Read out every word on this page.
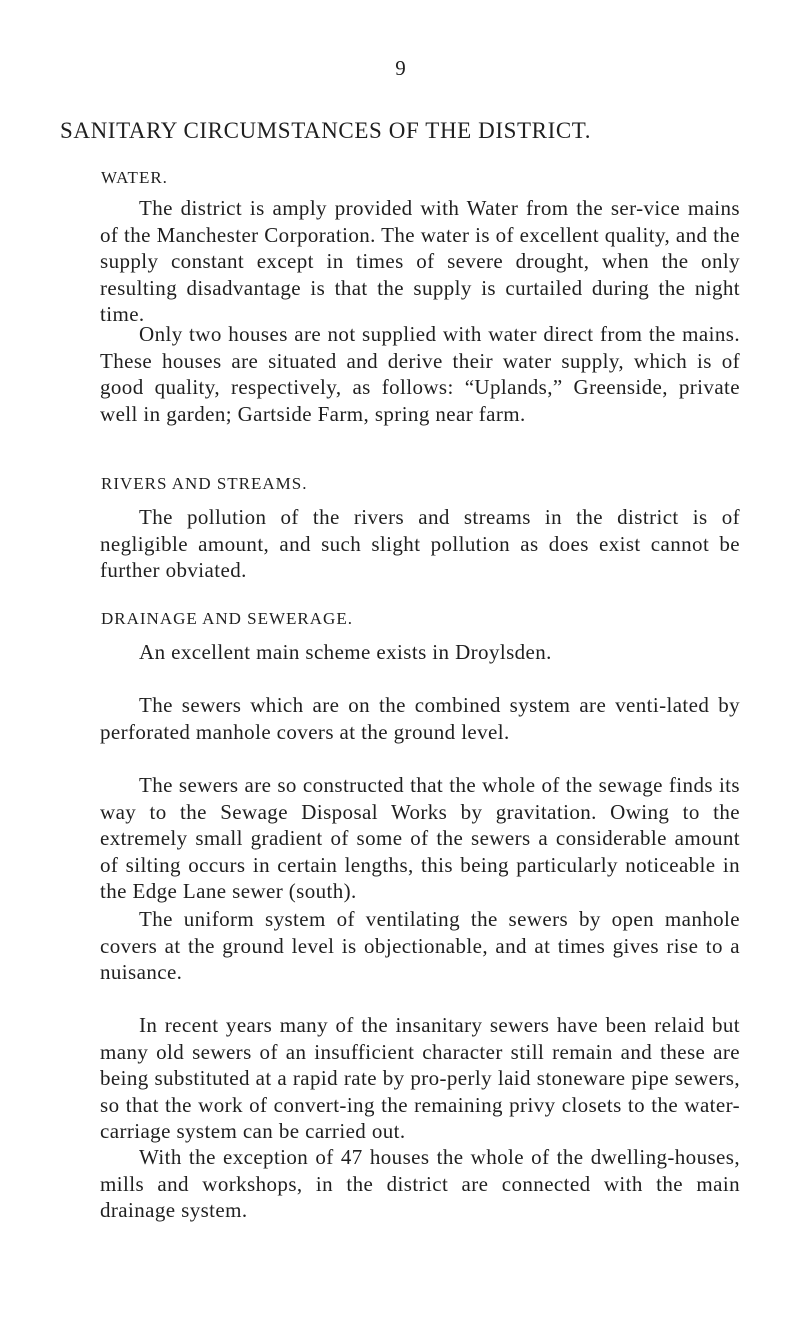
9
SANITARY CIRCUMSTANCES OF THE DISTRICT.
WATER.
The district is amply provided with Water from the ser-vice mains of the Manchester Corporation. The water is of excellent quality, and the supply constant except in times of severe drought, when the only resulting disadvantage is that the supply is curtailed during the night time.
Only two houses are not supplied with water direct from the mains. These houses are situated and derive their water supply, which is of good quality, respectively, as follows: “Uplands,” Greenside, private well in garden; Gartside Farm, spring near farm.
RIVERS AND STREAMS.
The pollution of the rivers and streams in the district is of negligible amount, and such slight pollution as does exist cannot be further obviated.
DRAINAGE AND SEWERAGE.
An excellent main scheme exists in Droylsden.
The sewers which are on the combined system are venti-lated by perforated manhole covers at the ground level.
The sewers are so constructed that the whole of the sewage finds its way to the Sewage Disposal Works by gravitation. Owing to the extremely small gradient of some of the sewers a considerable amount of silting occurs in certain lengths, this being particularly noticeable in the Edge Lane sewer (south).
The uniform system of ventilating the sewers by open manhole covers at the ground level is objectionable, and at times gives rise to a nuisance.
In recent years many of the insanitary sewers have been relaid but many old sewers of an insufficient character still remain and these are being substituted at a rapid rate by pro-perly laid stoneware pipe sewers, so that the work of convert-ing the remaining privy closets to the water-carriage system can be carried out.
With the exception of 47 houses the whole of the dwelling-houses, mills and workshops, in the district are connected with the main drainage system.
